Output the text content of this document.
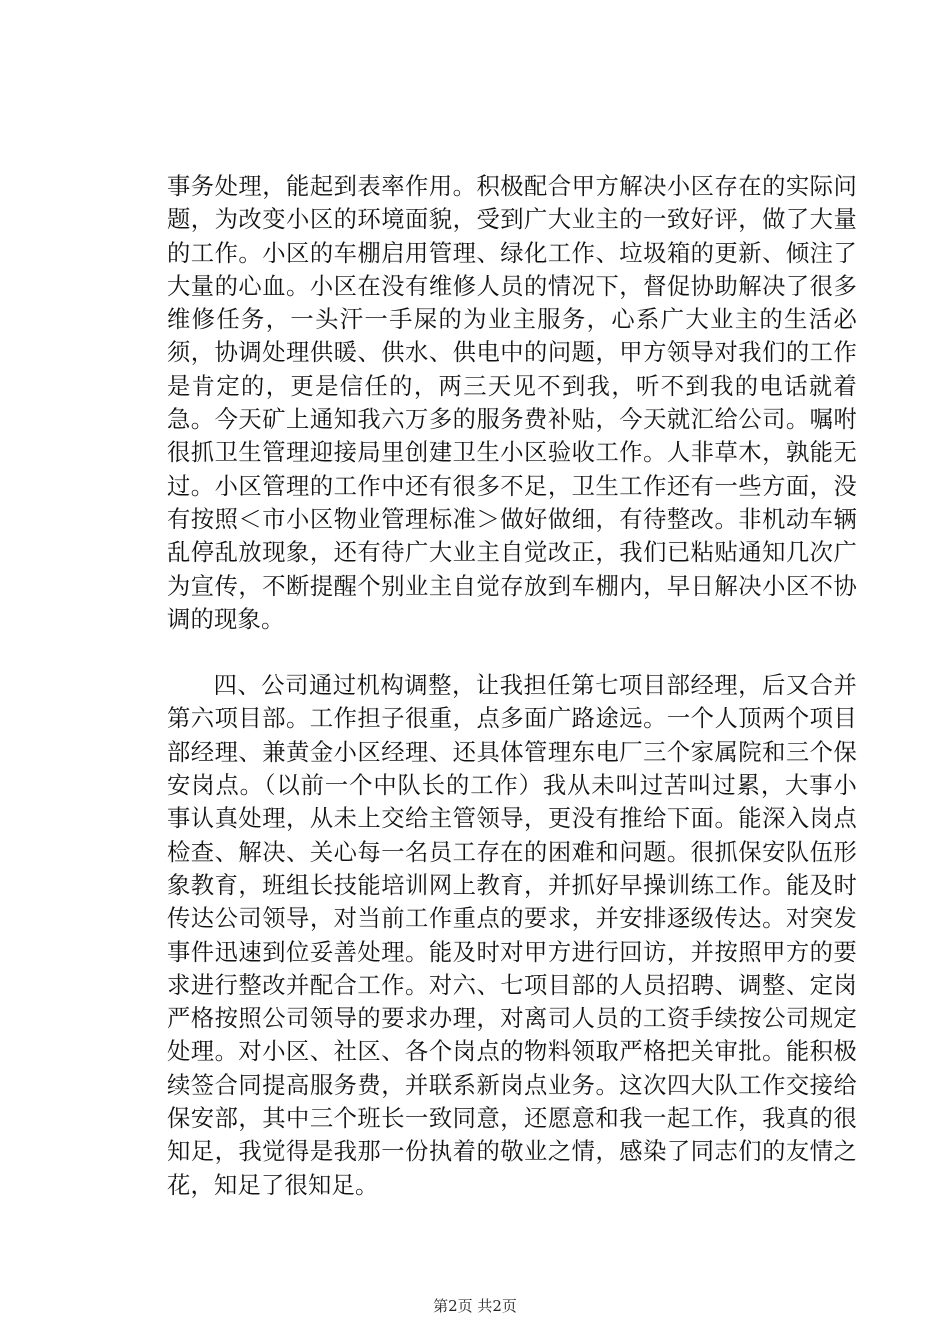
事务处理，能起到表率作用。积极配合甲方解决小区存在的实际问题，为改变小区的环境面貌，受到广大业主的一致好评，做了大量的工作。小区的车棚启用管理、绿化工作、垃圾箱的更新、倾注了大量的心血。小区在没有维修人员的情况下，督促协助解决了很多维修任务，一头汗一手屎的为业主服务，心系广大业主的生活必须，协调处理供暖、供水、供电中的问题，甲方领导对我们的工作是肯定的，更是信任的，两三天见不到我，听不到我的电话就着急。今天矿上通知我六万多的服务费补贴，今天就汇给公司。嘱咐很抓卫生管理迎接局里创建卫生小区验收工作。人非草木，孰能无过。小区管理的工作中还有很多不足，卫生工作还有一些方面，没有按照＜市小区物业管理标准＞做好做细，有待整改。非机动车辆乱停乱放现象，还有待广大业主自觉改正，我们已粘贴通知几次广为宣传，不断提醒个别业主自觉存放到车棚内，早日解决小区不协调的现象。

四、公司通过机构调整，让我担任第七项目部经理，后又合并第六项目部。工作担子很重，点多面广路途远。一个人顶两个项目部经理、兼黄金小区经理、还具体管理东电厂三个家属院和三个保安岗点。（以前一个中队长的工作）我从未叫过苦叫过累，大事小事认真处理，从未上交给主管领导，更没有推给下面。能深入岗点检查、解决、关心每一名员工存在的困难和问题。很抓保安队伍形象教育，班组长技能培训网上教育，并抓好早操训练工作。能及时传达公司领导，对当前工作重点的要求，并安排逐级传达。对突发事件迅速到位妥善处理。能及时对甲方进行回访，并按照甲方的要求进行整改并配合工作。对六、七项目部的人员招聘、调整、定岗严格按照公司领导的要求办理，对离司人员的工资手续按公司规定处理。对小区、社区、各个岗点的物料领取严格把关审批。能积极续签合同提高服务费，并联系新岗点业务。这次四大队工作交接给保安部，其中三个班长一致同意，还愿意和我一起工作，我真的很知足，我觉得是我那一份执着的敬业之情，感染了同志们的友情之花，知足了很知足。

第2页 共2页
